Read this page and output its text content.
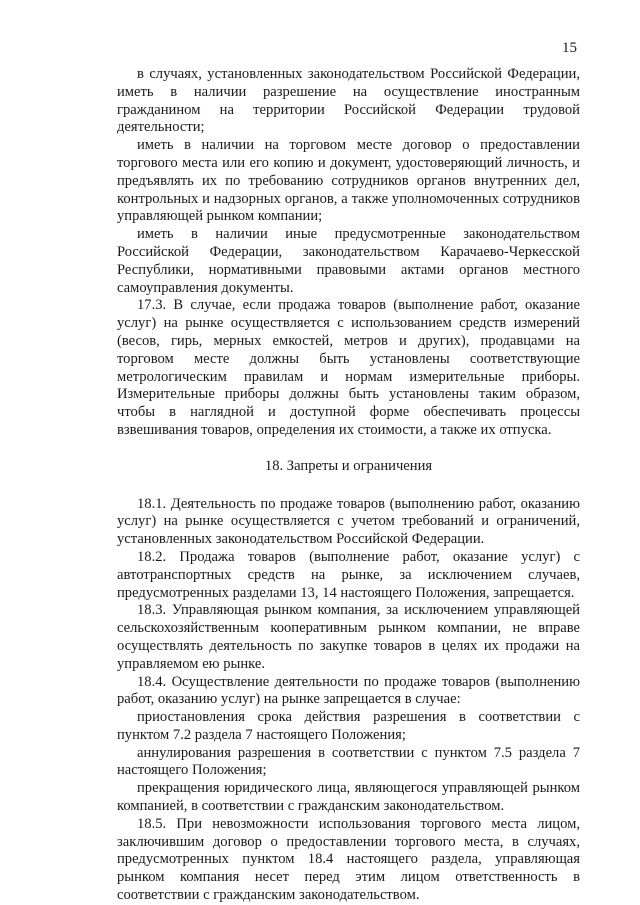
15

в случаях, установленных законодательством Российской Федерации, иметь в наличии разрешение на осуществление иностранным гражданином на территории Российской Федерации трудовой деятельности;

иметь в наличии на торговом месте договор о предоставлении торгового места или его копию и документ, удостоверяющий личность, и предъявлять их по требованию сотрудников органов внутренних дел, контрольных и надзорных органов, а также уполномоченных сотрудников управляющей рынком компании;

иметь в наличии иные предусмотренные законодательством Российской Федерации, законодательством Карачаево-Черкесской Республики, нормативными правовыми актами органов местного самоуправления документы.

17.3. В случае, если продажа товаров (выполнение работ, оказание услуг) на рынке осуществляется с использованием средств измерений (весов, гирь, мерных емкостей, метров и других), продавцами на торговом месте должны быть установлены соответствующие метрологическим правилам и нормам измерительные приборы. Измерительные приборы должны быть установлены таким образом, чтобы в наглядной и доступной форме обеспечивать процессы взвешивания товаров, определения их стоимости, а также их отпуска.

18. Запреты и ограничения

18.1. Деятельность по продаже товаров (выполнению работ, оказанию услуг) на рынке осуществляется с учетом требований и ограничений, установленных законодательством Российской Федерации.

18.2. Продажа товаров (выполнение работ, оказание услуг) с автотранспортных средств на рынке, за исключением случаев, предусмотренных разделами 13, 14 настоящего Положения, запрещается.

18.3. Управляющая рынком компания, за исключением управляющей сельскохозяйственным кооперативным рынком компании, не вправе осуществлять деятельность по закупке товаров в целях их продажи на управляемом ею рынке.

18.4. Осуществление деятельности по продаже товаров (выполнению работ, оказанию услуг) на рынке запрещается в случае:

приостановления срока действия разрешения в соответствии с пунктом 7.2 раздела 7 настоящего Положения;

аннулирования разрешения в соответствии с пунктом 7.5 раздела 7 настоящего Положения;

прекращения юридического лица, являющегося управляющей рынком компанией, в соответствии с гражданским законодательством.

18.5. При невозможности использования торгового места лицом, заключившим договор о предоставлении торгового места, в случаях, предусмотренных пунктом 18.4 настоящего раздела, управляющая рынком компания несет перед этим лицом ответственность в соответствии с гражданским законодательством.
